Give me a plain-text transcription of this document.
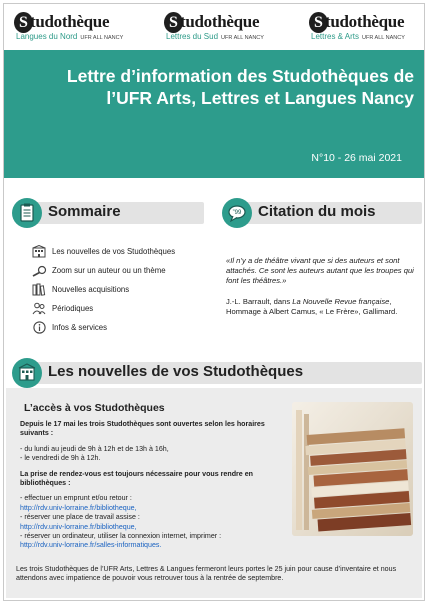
S tudothèque
Langues du Nord UFR ALL NANCY
S tudothèque
Lettres du Sud UFR ALL NANCY
S tudothèque
Lettres & Arts UFR ALL NANCY
Lettre d’information des Studothèques de l’UFR Arts, Lettres et Langues Nancy
N°10 - 26 mai 2021
Sommaire	”99 Citation du mois
Les nouvelles de vos Studothèques
Zoom sur un auteur ou un thème
Nouvelles acquisitions
Périodiques
Infos & services
«Il n’y a de théâtre vivant que si des auteurs et sont attachés. Ce sont les auteurs autant que les troupes qui font les théâtres.»
J.-L. Barrault, dans La Nouvelle Revue française, Hommage à Albert Camus, « Le Frère», Gallimard.
Les nouvelles de vos Studothèques
L’accès à vos Studothèques

Depuis le 17 mai les trois Studothèques sont ouvertes selon les horaires suivants :

- du lundi au jeudi de 9h à 12h et de 13h à 16h,
- le vendredi de 9h à 12h.

La prise de rendez-vous est toujours nécessaire pour vous rendre en bibliothèques :

- effectuer un emprunt et/ou retour :
http://rdv.univ-lorraine.fr/bibliotheque,
- réserver une place de travail assise :
http://rdv.univ-lorraine.fr/bibliotheque,
- réserver un ordinateur, utiliser la connexion internet, imprimer :
http://rdv.univ-lorraine.fr/salles-informatiques.

Les trois Studothèques de l’UFR Arts, Lettres & Langues fermeront leurs portes le 25 juin pour cause d’inventaire et nous attendons avec impatience de pouvoir vous retrouver tous à la rentrée de septembre.
